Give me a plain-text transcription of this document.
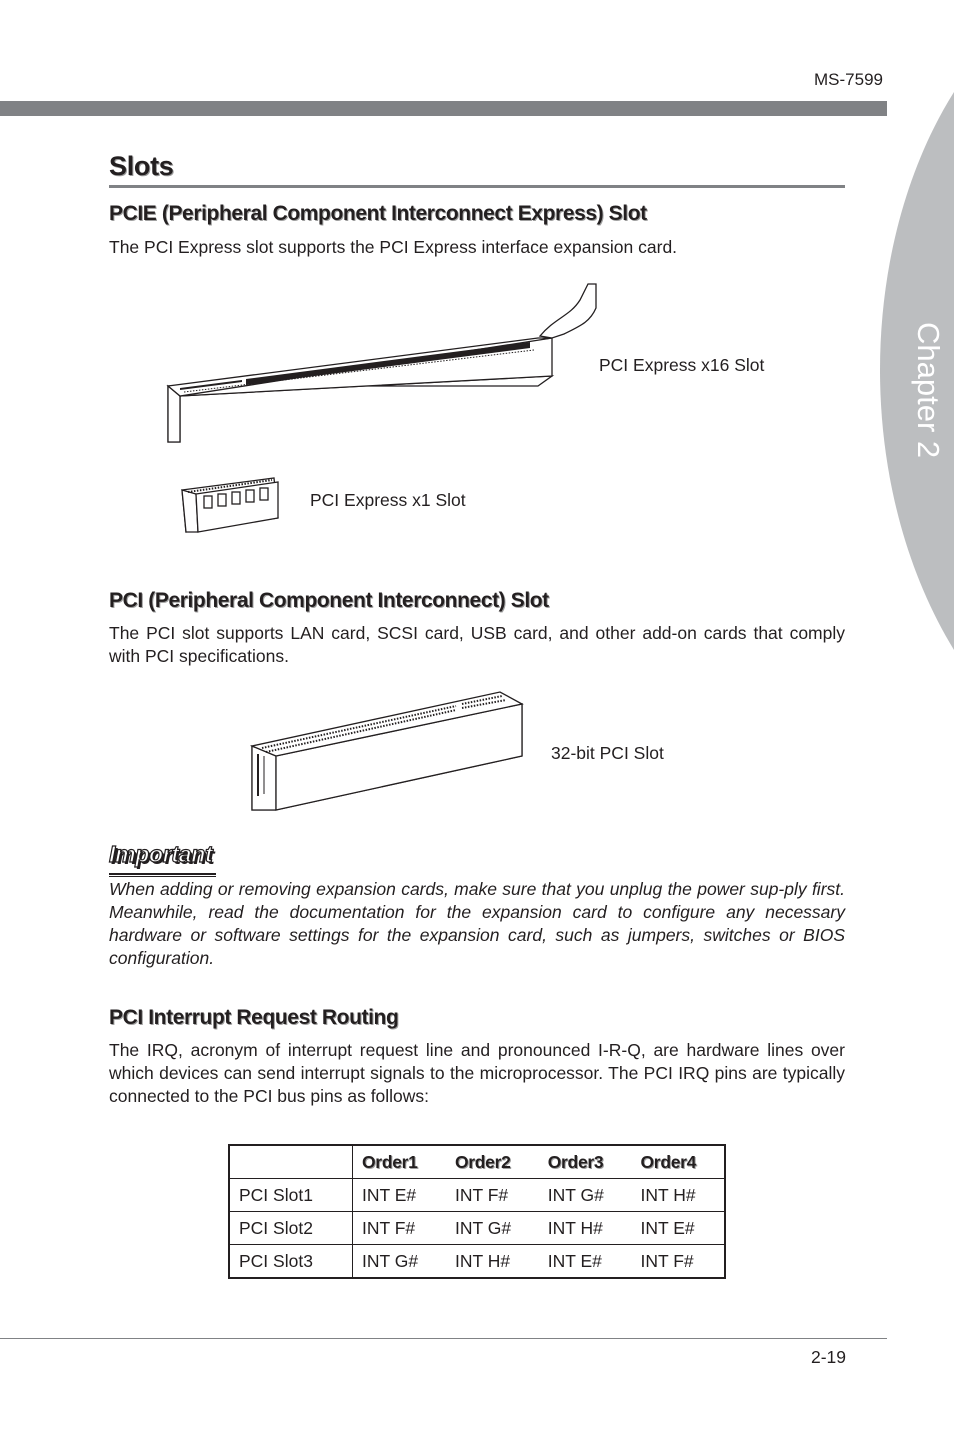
MS-7599
Chapter 2
Slots
PCIE (Peripheral Component Interconnect Express) Slot
The PCI Express slot supports the PCI Express interface expansion card.
PCI Express x16 Slot
PCI Express x1 Slot
PCI (Peripheral Component Interconnect) Slot
The PCI slot supports LAN card, SCSI card, USB card, and other add-on cards that comply with PCI specifications.
32-bit PCI Slot
Important
When adding or removing expansion cards, make sure that you unplug the power sup-ply first. Meanwhile, read the documentation for the expansion card to configure any necessary hardware or software settings for the expansion card, such as jumpers, switches or BIOS configuration.
PCI Interrupt Request Routing
The IRQ, acronym of interrupt request line and pronounced I-R-Q, are hardware lines over which devices can send interrupt signals to the microprocessor. The PCI IRQ pins are typically connected to the PCI bus pins as follows:
	Order1	Order2	Order3	Order4
PCI Slot1	INT E#	INT F#	INT G#	INT H#
PCI Slot2	INT F#	INT G#	INT H#	INT E#
PCI Slot3	INT G#	INT H#	INT E#	INT F#
2-19
